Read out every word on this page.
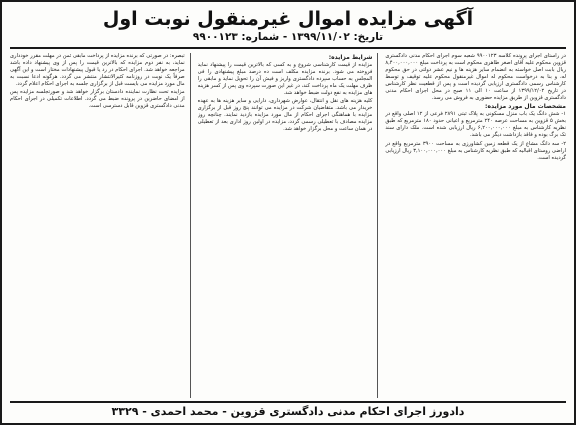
آگهی مزایده اموال غیرمنقول نوبت اول
تاریخ: ۱۳۹۹/۱۱/۰۲ - شماره: ۹۹۰۰۱۲۳

در راستای اجرای پرونده کلاسه ۹۹۰۰۱۲۳ شعبه سوم اجرای احکام مدنی دادگستری قزوین محکوم علیه آقای اصغر طاهری محکوم است به پرداخت مبلغ ۸,۴۰۰,۰۰۰,۰۰۰ ریال بابت اصل خواسته به انضمام سایر هزینه ها و نیم عشر دولتی در حق محکوم له، و بنا به درخواست محکوم له اموال غیرمنقول محکوم علیه توقیف و توسط کارشناس رسمی دادگستری ارزیابی گردیده است و پس از قطعیت نظر کارشناس در تاریخ ۱۳۹۹/۱۲/۰۲ از ساعت ۱۰ الی ۱۱ صبح در محل اجرای احکام مدنی دادگستری قزوین از طریق مزایده حضوری به فروش می رسد.

مشخصات مال مورد مزایده:

۱- شش دانگ یک باب منزل مسکونی به پلاک ثبتی ۲۸۹۱ فرعی از ۱۲ اصلی واقع در بخش ۵ قزوین به مساحت عرصه ۲۴۰ مترمربع و اعیانی حدود ۱۸۰ مترمربع که طبق نظریه کارشناس به مبلغ ۶,۲۰۰,۰۰۰,۰۰۰ ریال ارزیابی شده است. ملک دارای سند تک برگ بوده و فاقد بازداشت دیگر می باشد.

۲- سه دانگ مشاع از یک قطعه زمین کشاورزی به مساحت ۳۹۰۰ مترمربع واقع در اراضی روستای اقبالیه که طبق نظریه کارشناس به مبلغ ۳,۱۰۰,۰۰۰,۰۰۰ ریال ارزیابی گردیده است.

شرایط مزایده:

مزایده از قیمت کارشناسی شروع و به کسی که بالاترین قیمت را پیشنهاد نماید فروخته می شود. برنده مزایده مکلف است ده درصد مبلغ پیشنهادی را فی المجلس به حساب سپرده دادگستری واریز و فیش آن را تحویل نماید و مابقی را ظرف مهلت یک ماه پرداخت کند، در غیر این صورت سپرده وی پس از کسر هزینه های مزایده به نفع دولت ضبط خواهد شد.

کلیه هزینه های نقل و انتقال، عوارض شهرداری، دارایی و سایر هزینه ها به عهده خریدار می باشد. متقاضیان شرکت در مزایده می توانند پنج روز قبل از برگزاری مزایده با هماهنگی اجرای احکام از مال مورد مزایده بازدید نمایند. چنانچه روز مزایده مصادف با تعطیلی رسمی گردد، مزایده در اولین روز اداری بعد از تعطیلی در همان ساعت و محل برگزار خواهد شد.

تبصره: در صورتی که برنده مزایده از پرداخت مابقی ثمن در مهلت مقرر خودداری نماید، به نفر دوم مزایده که بالاترین قیمت را پس از وی پیشنهاد داده باشد مراجعه خواهد شد. اجرای احکام در رد یا قبول پیشنهادات مختار است و این آگهی صرفاً یک نوبت در روزنامه کثیرالانتشار منتشر می گردد. هرگونه ادعا نسبت به مال مورد مزایده می بایست قبل از برگزاری جلسه به اجرای احکام اعلام گردد.

مزایده تحت نظارت نماینده دادستان برگزار خواهد شد و صورتجلسه مزایده پس از امضای حاضرین در پرونده ضبط می گردد. اطلاعات تکمیلی در اجرای احکام مدنی دادگستری قزوین قابل دسترسی است.

دادورز اجرای احکام مدنی دادگستری قزوین - محمد احمدی - ۳۳۲۹
